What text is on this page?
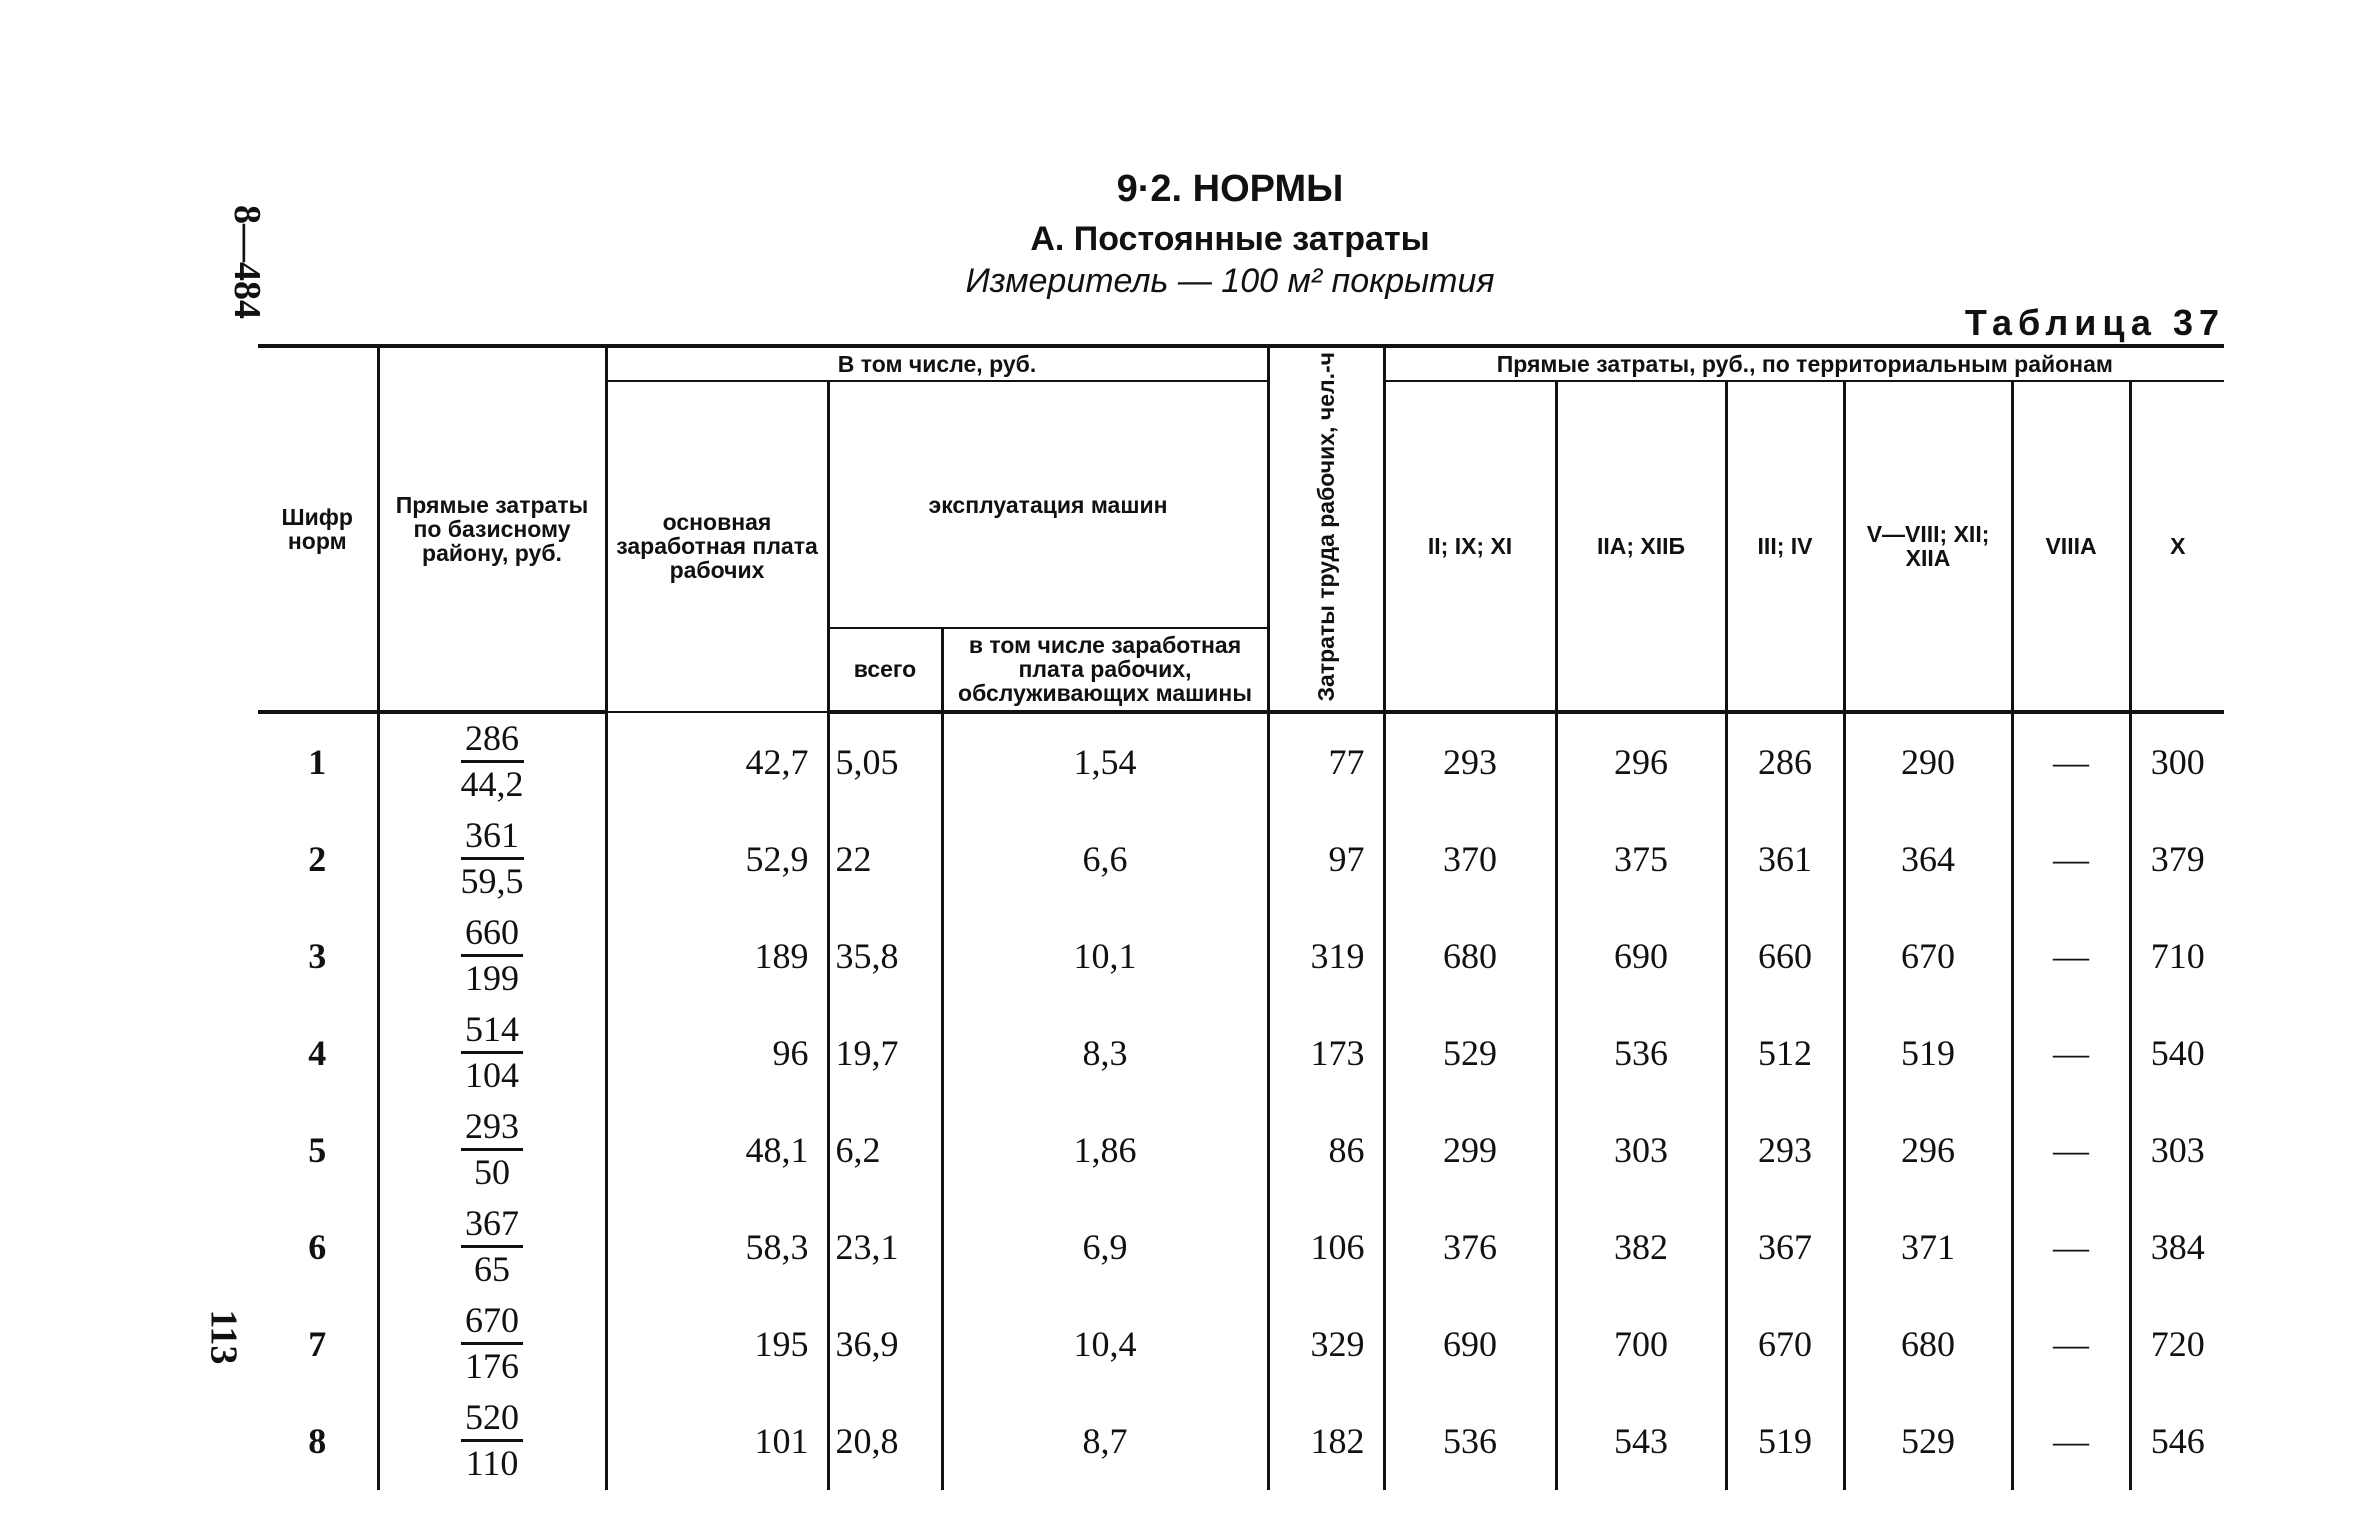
8—484
113
9·2. НОРМЫ
А. Постоянные затраты
Измеритель — 100 м² покрытия
Таблица 37
Шифр норм	Прямые затраты по базисному району, руб.	В том числе, руб.			Затраты труда рабочих, чел.-ч	Прямые затраты, руб., по территориальным районам					
		основная заработная плата рабочих	эксплуатация машин			II; IX; XI	IIA; XIIБ	III; IV	V—VIII; XII; XIIA	VIIIA	X
			всего	в том числе заработная плата рабочих, обслуживающих машины							
1	$\frac{286}{44,2}$	42,7	5,05	1,54	77	293	296	286	290	—	300
2	$\frac{361}{59,5}$	52,9	22	6,6	97	370	375	361	364	—	379
3	$\frac{660}{199}$	189	35,8	10,1	319	680	690	660	670	—	710
4	$\frac{514}{104}$	96	19,7	8,3	173	529	536	512	519	—	540
5	$\frac{293}{50}$	48,1	6,2	1,86	86	299	303	293	296	—	303
6	$\frac{367}{65}$	58,3	23,1	6,9	106	376	382	367	371	—	384
7	$\frac{670}{176}$	195	36,9	10,4	329	690	700	670	680	—	720
8	$\frac{520}{110}$	101	20,8	8,7	182	536	543	519	529	—	546
